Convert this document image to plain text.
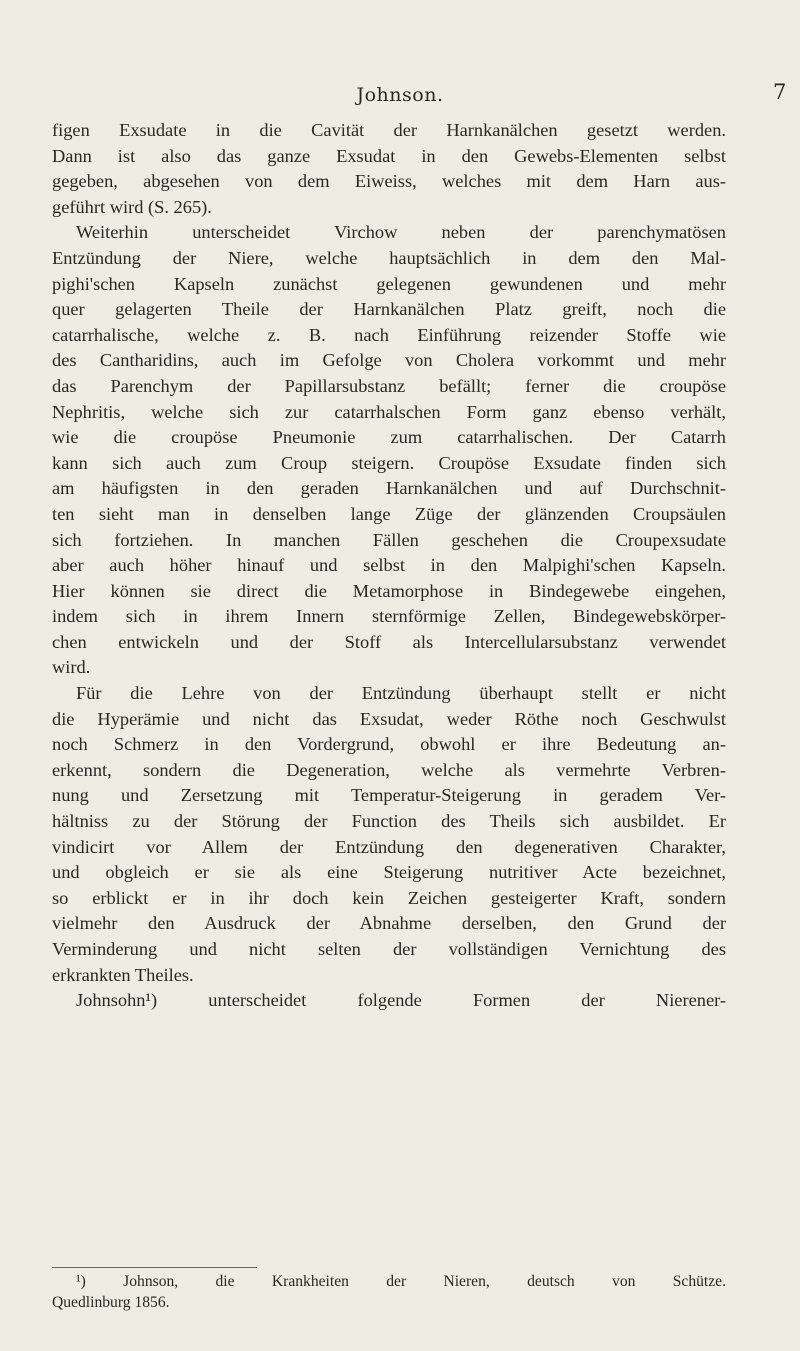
Johnson.	7
figen Exsudate in die Cavität der Harnkanälchen gesetzt werden.
Dann ist also das ganze Exsudat in den Gewebs-Elementen selbst
gegeben, abgesehen von dem Eiweiss, welches mit dem Harn aus-
geführt wird (S. 265).
Weiterhin unterscheidet Virchow neben der parenchymatösen
Entzündung der Niere, welche hauptsächlich in dem den Mal-
pighi'schen Kapseln zunächst gelegenen gewundenen und mehr
quer gelagerten Theile der Harnkanälchen Platz greift, noch die
catarrhalische, welche z. B. nach Einführung reizender Stoffe wie
des Cantharidins, auch im Gefolge von Cholera vorkommt und mehr
das Parenchym der Papillarsubstanz befällt; ferner die croupöse
Nephritis, welche sich zur catarrhalschen Form ganz ebenso verhält,
wie die croupöse Pneumonie zum catarrhalischen. Der Catarrh
kann sich auch zum Croup steigern. Croupöse Exsudate finden sich
am häufigsten in den geraden Harnkanälchen und auf Durchschnit-
ten sieht man in denselben lange Züge der glänzenden Croupsäulen
sich fortziehen. In manchen Fällen geschehen die Croupexsudate
aber auch höher hinauf und selbst in den Malpighi'schen Kapseln.
Hier können sie direct die Metamorphose in Bindegewebe eingehen,
indem sich in ihrem Innern sternförmige Zellen, Bindegewebskörper-
chen entwickeln und der Stoff als Intercellularsubstanz verwendet
wird.
Für die Lehre von der Entzündung überhaupt stellt er nicht
die Hyperämie und nicht das Exsudat, weder Röthe noch Geschwulst
noch Schmerz in den Vordergrund, obwohl er ihre Bedeutung an-
erkennt, sondern die Degeneration, welche als vermehrte Verbren-
nung und Zersetzung mit Temperatur-Steigerung in geradem Ver-
hältniss zu der Störung der Function des Theils sich ausbildet. Er
vindicirt vor Allem der Entzündung den degenerativen Charakter,
und obgleich er sie als eine Steigerung nutritiver Acte bezeichnet,
so erblickt er in ihr doch kein Zeichen gesteigerter Kraft, sondern
vielmehr den Ausdruck der Abnahme derselben, den Grund der
Verminderung und nicht selten der vollständigen Vernichtung des
erkrankten Theiles.
Johnsohn¹) unterscheidet folgende Formen der Nierener-
¹) Johnson, die Krankheiten der Nieren, deutsch von Schütze.
Quedlinburg 1856.
